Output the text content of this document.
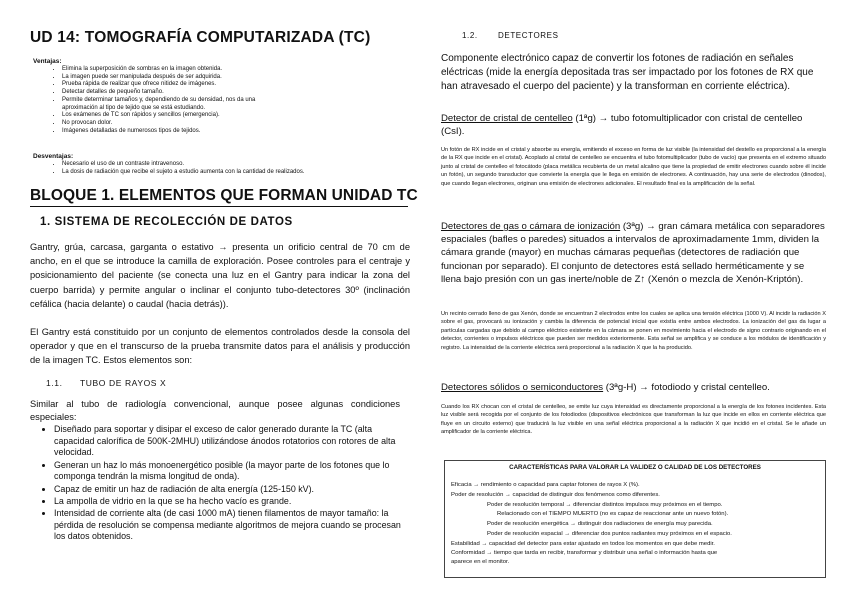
UD 14: TOMOGRAFÍA COMPUTARIZADA (TC)
Ventajas:
• Elimina la superposición de sombras en la imagen obtenida.
• La imagen puede ser manipulada después de ser adquirida.
• Prueba rápida de realizar que ofrece nitidez de imágenes.
• Detectar detalles de pequeño tamaño.
• Permite determinar tamaños y, dependiendo de su densidad, nos da una aproximación al tipo de tejido que se está estudiando.
• Los exámenes de TC son rápidos y sencillos (emergencia).
• No provocan dolor.
• Imágenes detalladas de numerosos tipos de tejidos.
Desventajas:
• Necesario el uso de un contraste intravenoso.
• La dosis de radiación que recibe el sujeto a estudio aumenta con la cantidad de realizados.
BLOQUE 1. ELEMENTOS QUE FORMAN UNIDAD TC
1. SISTEMA DE RECOLECCIÓN DE DATOS

Gantry, grúa, carcasa, garganta o estativo → presenta un orificio central de 70 cm de ancho, en el que se introduce la camilla de exploración. Posee controles para el centraje y posicionamiento del paciente (se conecta una luz en el Gantry para indicar la zona del cuerpo barrida) y permite angular o inclinar el conjunto tubo-detectores 30º (inclinación cefálica (hacia delante) o caudal (hacia detrás)).

El Gantry está constituido por un conjunto de elementos controlados desde la consola del operador y que en el transcurso de la prueba transmite datos para el análisis y producción de la imagen TC. Estos elementos son:

1.1. TUBO DE RAYOS X

Similar al tubo de radiología convencional, aunque posee algunas condiciones especiales:

• Diseñado para soportar y disipar el exceso de calor generado durante la TC (alta capacidad calorífica de 500K-2MHU) utilizándose ánodos rotatorios con rotores de alta velocidad.
• Generan un haz lo más monoenergético posible (la mayor parte de los fotones que lo componga tendrán la misma longitud de onda).
• Capaz de emitir un haz de radiación de alta energía (125-150 kV).
• La ampolla de vidrio en la que se ha hecho vacío es grande.
• Intensidad de corriente alta (de casi 1000 mA) tienen filamentos de mayor tamaño: la pérdida de resolución se compensa mediante algoritmos de mejora cuando se procesan los datos obtenidos.
1.2.	DETECTORES

Componente electrónico capaz de convertir los fotones de radiación en señales eléctricas (mide la energía depositada tras ser impactado por los fotones de RX que han atravesado el cuerpo del paciente) y la transforman en corriente eléctrica).

Detector de cristal de centelleo (1ªg) → tubo fotomultiplicador con cristal de centelleo (CsI).

Un fotón de RX incide en el cristal y absorbe su energía, emitiendo el exceso en forma de luz visible (la intensidad del destello es proporcional a la energía de la RX que incide en el cristal). Acoplado al cristal de centelleo se encuentra el tubo fotomultiplicador (tubo de vacío) que presenta en el extremo situado junto al cristal de centelleo el fotocátodo (placa metálica recubierta de un metal alcalino que tiene la propiedad de emitir electrones cuando sobre él incide un fotón), un segundo transductor que convierte la energía que le llega en emisión de electrones. A continuación, hay una serie de electrodos (dinodos), que cuando llegan electrones, originan una emisión de electrones adicionales. El resultado final es la amplificación de la señal.

Detectores de gas o cámara de ionización (3ªg) → gran cámara metálica con separadores espaciales (bafles o paredes) situados a intervalos de aproximadamente 1mm, dividen la cámara grande (mayor) en muchas cámaras pequeñas (detectores de radiación que funcionan por separado). El conjunto de detectores está sellado herméticamente y se llena bajo presión con un gas inerte/noble de Z↑ (Xenón o mezcla de Xenón-Kriptón).

Un recinto cerrado lleno de gas Xenón, donde se encuentran 2 electrodos entre los cuales se aplica una tensión eléctrica (1000 V). Al incidir la radiación X sobre el gas, provocará su ionización y cambia la diferencia de potencial inicial que existía entre ambos electrodos. La ionización del gas da lugar a partículas cargadas que debido al campo eléctrico existente en la cámara se ponen en movimiento hacia el electrodo de signo contrario originando en el detector, corrientes o impulsos eléctricos que pueden ser medidos exteriormente. Esta señal se amplifica y se conduce a los módulos de identificación y registro. La intensidad de la corriente eléctrica será proporcional a la radiación X que la ha producido.

Detectores sólidos o semiconductores (3ªg-H) → fotodiodo y cristal centelleo.

Cuando los RX chocan con el cristal de centelleo, se emite luz cuya intensidad es directamente proporcional a la energía de los fotones incidentes. Esta luz visible será recogida por el conjunto de los fotodiodos (dispositivos electrónicos que transforman la luz que incide en ellos en corriente eléctrica que fluye en un circuito externo) que traducirá la luz visible en una señal eléctrica proporcional a la radiación X que incidió en el cristal. Se le añade un amplificador de la corriente eléctrica.

CARACTERÍSTICAS PARA VALORAR LA VALIDEZ O CALIDAD DE LOS DETECTORES
Eficacia → rendimiento o capacidad para captar fotones de rayos X (%).
Poder de resolución → capacidad de distinguir dos fenómenos como diferentes.
Poder de resolución temporal → diferenciar distintos impulsos muy próximos en el tiempo.
Relacionado con el TIEMPO MUERTO (no es capaz de reaccionar ante un nuevo fotón).
Poder de resolución energética → distinguir dos radiaciones de energía muy parecida.
Poder de resolución espacial → diferenciar dos puntos radiantes muy próximos en el espacio.
Estabilidad → capacidad del detector para estar ajustado en todos los momentos en que debe medir.
Conformidad → tiempo que tarda en recibir, transformar y distribuir una señal o información hasta que
aparece en el monitor.
